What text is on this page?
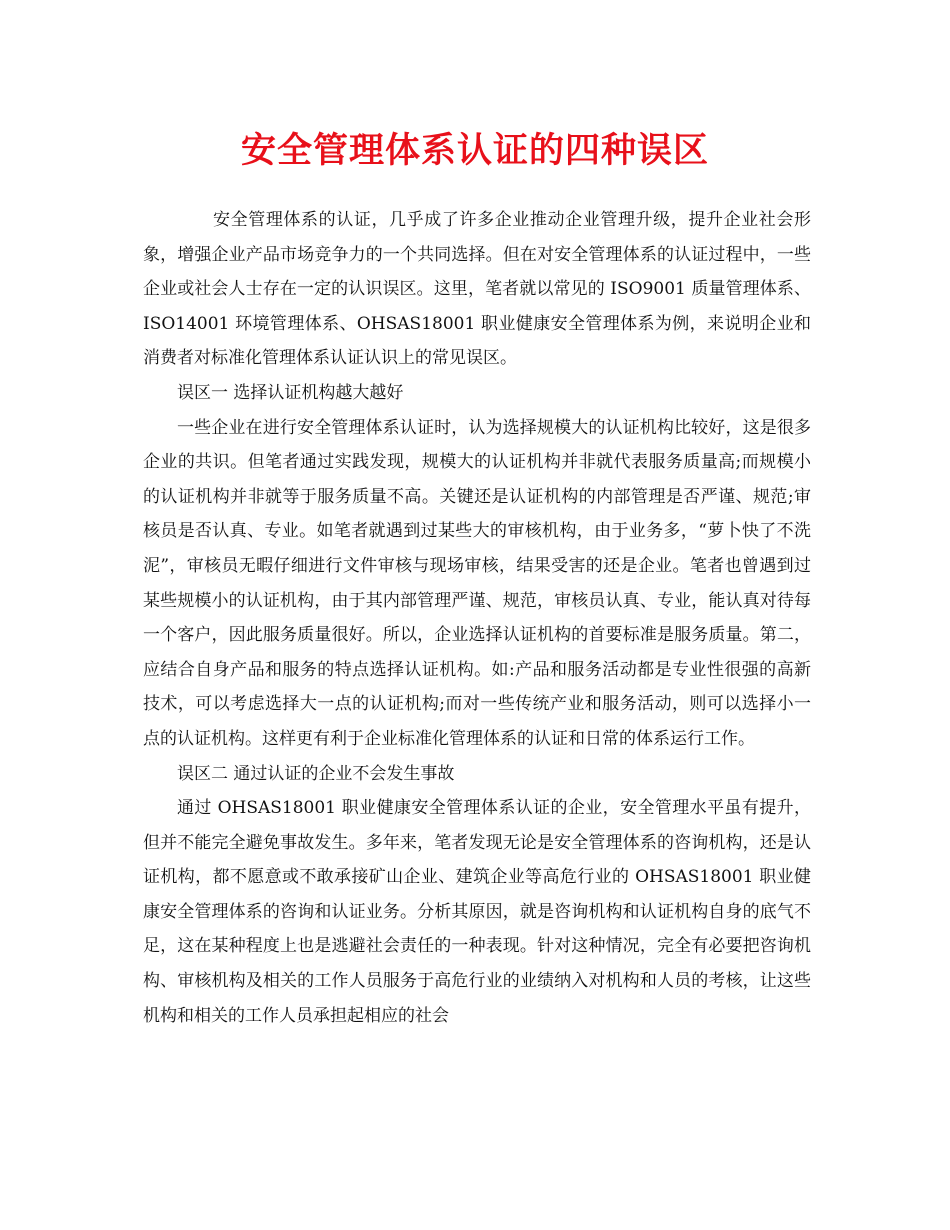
安全管理体系认证的四种误区

安全管理体系的认证，几乎成了许多企业推动企业管理升级，提升企业社会形象，增强企业产品市场竞争力的一个共同选择。但在对安全管理体系的认证过程中，一些企业或社会人士存在一定的认识误区。这里，笔者就以常见的 ISO9001 质量管理体系、ISO14001 环境管理体系、OHSAS18001 职业健康安全管理体系为例，来说明企业和消费者对标准化管理体系认证认识上的常见误区。

误区一 选择认证机构越大越好

一些企业在进行安全管理体系认证时，认为选择规模大的认证机构比较好，这是很多企业的共识。但笔者通过实践发现，规模大的认证机构并非就代表服务质量高;而规模小的认证机构并非就等于服务质量不高。关键还是认证机构的内部管理是否严谨、规范;审核员是否认真、专业。如笔者就遇到过某些大的审核机构，由于业务多，“萝卜快了不洗泥”，审核员无暇仔细进行文件审核与现场审核，结果受害的还是企业。笔者也曾遇到过某些规模小的认证机构，由于其内部管理严谨、规范，审核员认真、专业，能认真对待每一个客户，因此服务质量很好。所以，企业选择认证机构的首要标准是服务质量。第二，应结合自身产品和服务的特点选择认证机构。如:产品和服务活动都是专业性很强的高新技术，可以考虑选择大一点的认证机构;而对一些传统产业和服务活动，则可以选择小一点的认证机构。这样更有利于企业标准化管理体系的认证和日常的体系运行工作。

误区二 通过认证的企业不会发生事故

通过 OHSAS18001 职业健康安全管理体系认证的企业，安全管理水平虽有提升，但并不能完全避免事故发生。多年来，笔者发现无论是安全管理体系的咨询机构，还是认证机构，都不愿意或不敢承接矿山企业、建筑企业等高危行业的 OHSAS18001 职业健康安全管理体系的咨询和认证业务。分析其原因，就是咨询机构和认证机构自身的底气不足，这在某种程度上也是逃避社会责任的一种表现。针对这种情况，完全有必要把咨询机构、审核机构及相关的工作人员服务于高危行业的业绩纳入对机构和人员的考核，让这些机构和相关的工作人员承担起相应的社会
